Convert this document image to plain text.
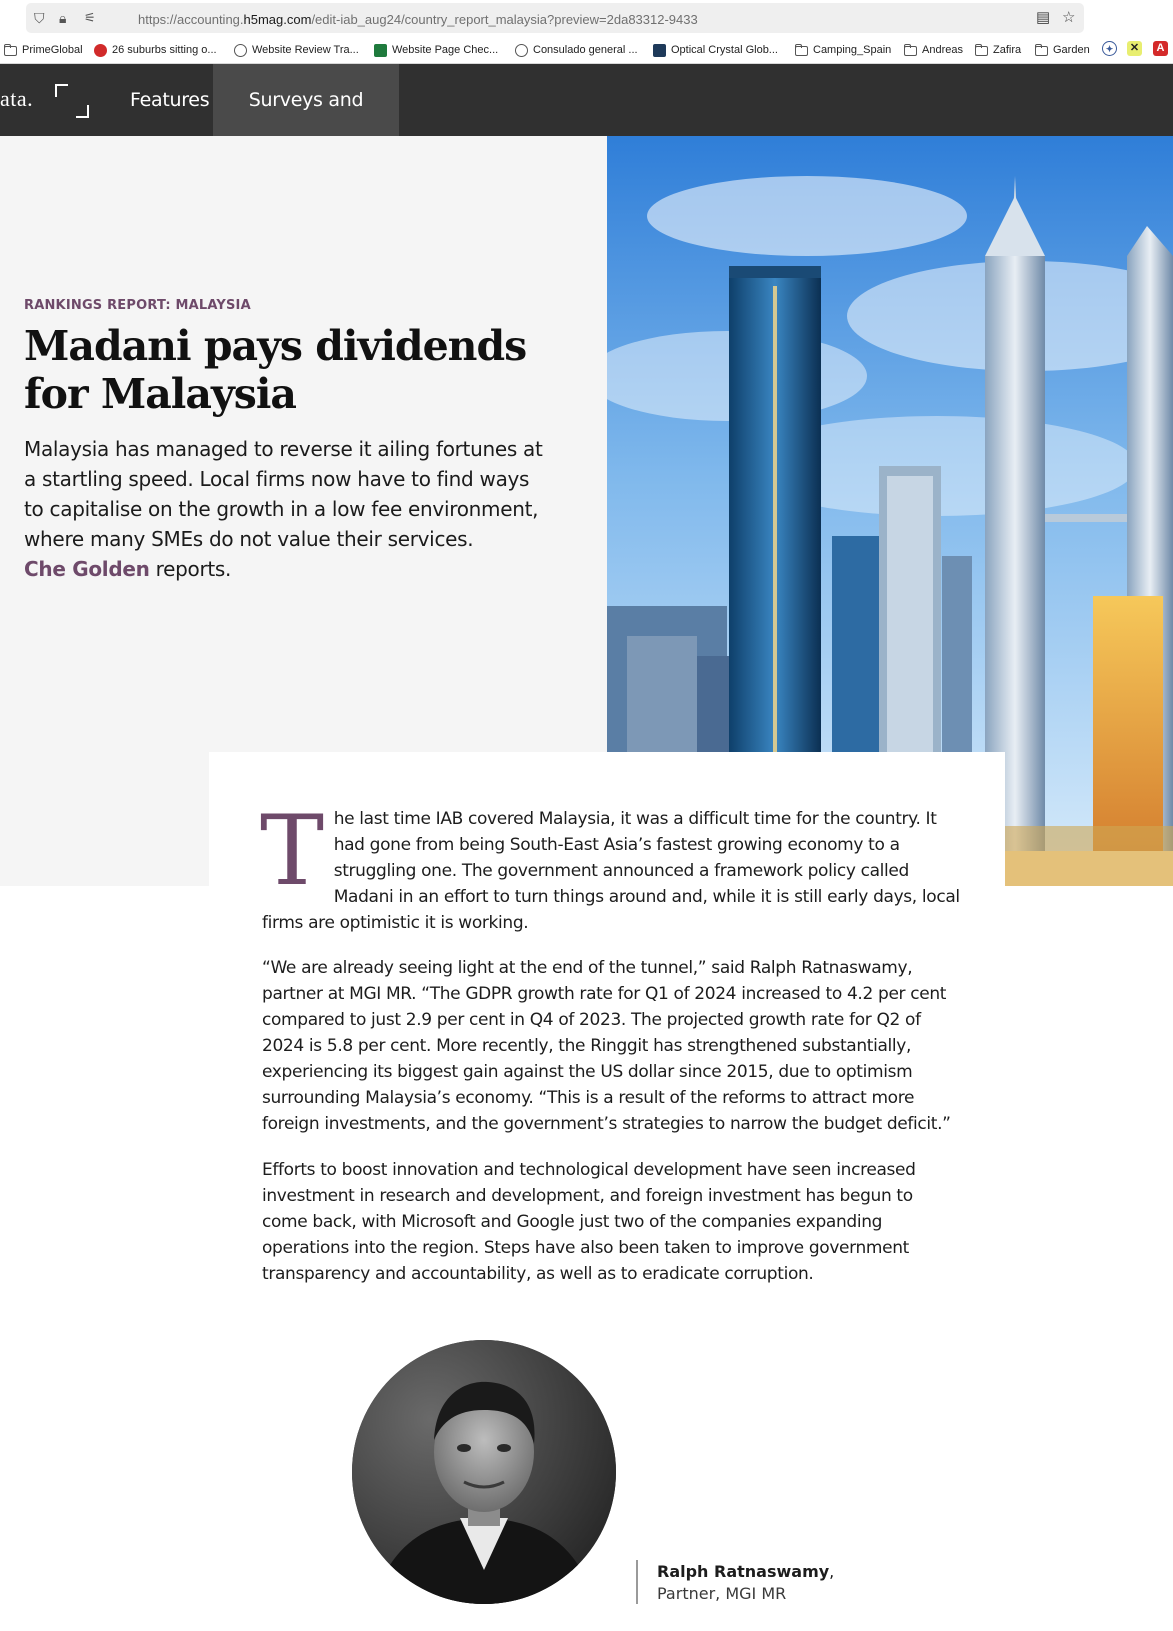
⛉ 🔒︎ ⚟	https://accounting.h5mag.com/edit-iab_aug24/country_report_malaysia?preview=2da83312-9433	▤ ☆
PrimeGlobal	26 suburbs sitting o...	Website Review Tra...	Website Page Chec...	Consulado general ...	Optical Crystal Glob...	Camping_Spain	Andreas	Zafira	Garden	✦	✕	A
ata.	Features	Surveys and
RANKINGS REPORT: MALAYSIA
Madani pays dividends for Malaysia

Malaysia has managed to reverse it ailing fortunes at a startling speed. Local firms now have to find ways to capitalise on the growth in a low fee environment, where many SMEs do not value their services.
Che Golden reports.

T he last time IAB covered Malaysia, it was a difficult time for the country. It had gone from being South-East Asia’s fastest growing economy to a struggling one. The government announced a framework policy called Madani in an effort to turn things around and, while it is still early days, local firms are optimistic it is working.
“We are already seeing light at the end of the tunnel,” said Ralph Ratnaswamy, partner at MGI MR. “The GDPR growth rate for Q1 of 2024 increased to 4.2 per cent compared to just 2.9 per cent in Q4 of 2023. The projected growth rate for Q2 of 2024 is 5.8 per cent. More recently, the Ringgit has strengthened substantially, experiencing its biggest gain against the US dollar since 2015, due to optimism surrounding Malaysia’s economy. “This is a result of the reforms to attract more foreign investments, and the government’s strategies to narrow the budget deficit.”
Efforts to boost innovation and technological development have seen increased investment in research and development, and foreign investment has begun to come back, with Microsoft and Google just two of the companies expanding operations into the region. Steps have also been taken to improve government transparency and accountability, as well as to eradicate corruption.
Ralph Ratnaswamy,
Partner, MGI MR
